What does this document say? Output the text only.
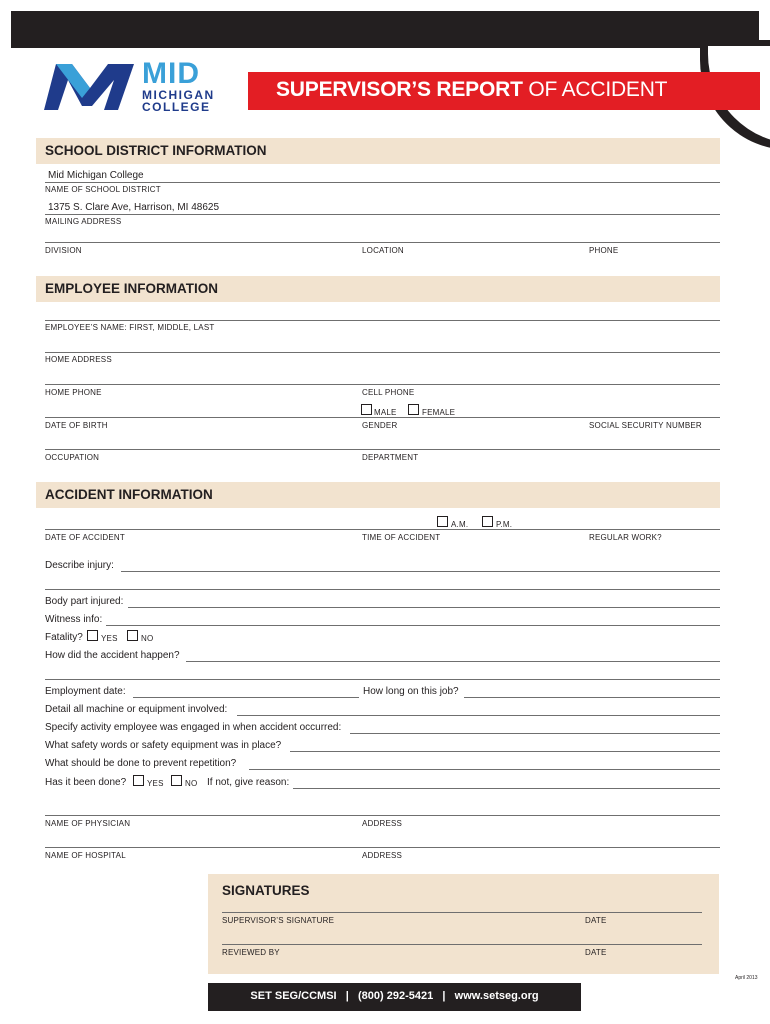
MID
MICHIGAN
COLLEGE
SUPERVISOR’S REPORT OF ACCIDENT
SCHOOL DISTRICT INFORMATION
Mid Michigan College
NAME OF SCHOOL DISTRICT
1375 S. Clare Ave, Harrison, MI 48625
MAILING ADDRESS
DIVISION	LOCATION	PHONE
EMPLOYEE INFORMATION
EMPLOYEE’S NAME: FIRST, MIDDLE, LAST
HOME ADDRESS
HOME PHONE	CELL PHONE
MALE	FEMALE
DATE OF BIRTH	GENDER	SOCIAL SECURITY NUMBER
OCCUPATION	DEPARTMENT
ACCIDENT INFORMATION
A.M.	P.M.
DATE OF ACCIDENT	TIME OF ACCIDENT	REGULAR WORK?
Describe injury:
Body part injured:
Witness info:
Fatality? YES	NO
How did the accident happen?
Employment date:	How long on this job?
Detail all machine or equipment involved:
Specify activity employee was engaged in when accident occurred:
What safety words or safety equipment was in place?
What should be done to prevent repetition?
Has it been done?	YES	NO If not, give reason:
NAME OF PHYSICIAN	ADDRESS
NAME OF HOSPITAL	ADDRESS
SIGNATURES
SUPERVISOR’S SIGNATURE	DATE
REVIEWED BY	DATE
April 2013
SET SEG/CCMSI   |   (800) 292-5421   |   www.setseg.org
